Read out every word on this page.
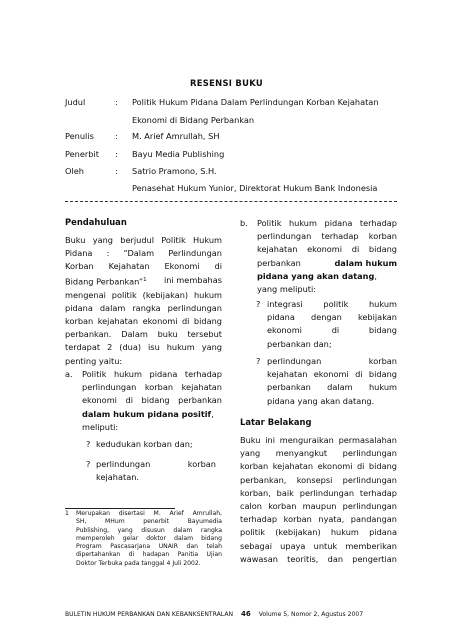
RESENSI BUKU
Judul	: Politik Hukum Pidana Dalam Perlindungan Korban Kejahatan
Ekonomi di Bidang Perbankan
Penulis	: M. Arief Amrullah, SH
Penerbit : Bayu Media Publishing
Oleh	: Satrio Pramono, S.H.
Penasehat Hukum Yunior, Direktorat Hukum Bank Indonesia
Pendahuluan
Buku yang berjudul Politik Hukum
Pidana : “Dalam Perlindungan
Korban Kejahatan Ekonomi di
Bidang Perbankan”$^1$ ini membahas
mengenai politik (kebijakan) hukum
pidana dalam rangka perlindungan
korban kejahatan ekonomi di bidang
perbankan. Dalam buku tersebut
terdapat 2 (dua) isu hukum yang
penting yaitu:
a. Politik hukum pidana terhadap
perlindungan korban kejahatan
ekonomi di bidang perbankan
dalam hukum pidana positif,
meliputi:
? kedudukan korban dan;
? perlindungan	korban
kejahatan.
1 Merupakan disertasi M. Arief Amrullah,
SH, MHum penerbit Bayumedia
Publishing, yang disusun dalam rangka
memperoleh gelar doktor dalam bidang
Program Pascasarjana UNAIR dan telah
dipertahankan di hadapan Panitia Ujian
Doktor Terbuka pada tanggal 4 Juli 2002.
b. Politik hukum pidana terhadap
perlindungan terhadap korban
kejahatan ekonomi di bidang
perbankan	dalam hukum
pidana yang akan datang,
yang meliputi:
? integrasi politik hukum
pidana dengan kebijakan
ekonomi di bidang
perbankan dan;
? perlindungan korban
kejahatan ekonomi di bidang
perbankan dalam hukum
pidana yang akan datang.
Latar Belakang
Buku ini menguraikan permasalahan
yang menyangkut perlindungan
korban kejahatan ekonomi di bidang
perbankan, konsepsi perlindungan
korban, baik perlindungan terhadap
calon korban maupun perlindungan
terhadap korban nyata, pandangan
politik (kebijakan) hukum pidana
sebagai upaya untuk memberikan
wawasan teoritis, dan pengertian
BULETIN HUKUM PERBANKAN DAN KEBANKSENTRALAN 46 Volume 5, Nomor 2, Agustus 2007
